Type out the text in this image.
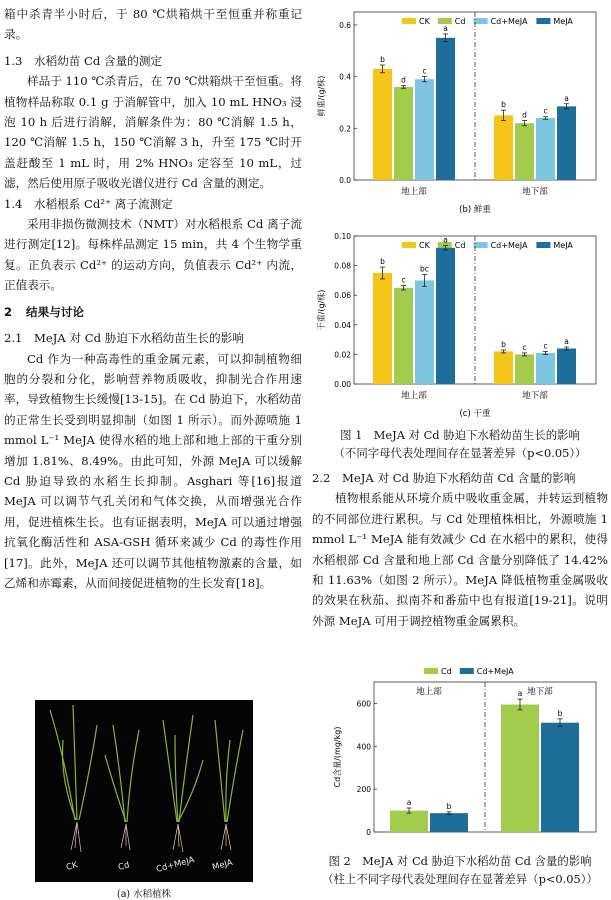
箱中杀青半小时后，于 80 ℃烘箱烘干至恒重并称重记录。

1.3 水稻幼苗 Cd 含量的测定

样品于 110 ℃杀青后，在 70 ℃烘箱烘干至恒重。将植物样品称取 0.1 g 于消解管中，加入 10 mL HNO₃ 浸泡 10 h 后进行消解，消解条件为：80 ℃消解 1.5 h，120 ℃消解 1.5 h，150 ℃消解 3 h，升至 175 ℃时开盖赶酸至 1 mL 时，用 2% HNO₃ 定容至 10 mL，过滤，然后使用原子吸收光谱仪进行 Cd 含量的测定。

1.4 水稻根系 Cd²⁺ 离子流测定

采用非损伤微测技术（NMT）对水稻根系 Cd 离子流进行测定[12]。每株样品测定 15 min，共 4 个生物学重复。正负表示 Cd²⁺ 的运动方向，负值表示 Cd²⁺ 内流，正值表示。

2 结果与讨论

2.1 MeJA 对 Cd 胁迫下水稻幼苗生长的影响

Cd 作为一种高毒性的重金属元素，可以抑制植物细胞的分裂和分化，影响营养物质吸收，抑制光合作用速率，导致植物生长缓慢[13-15]。在 Cd 胁迫下，水稻幼苗的正常生长受到明显抑制（如图 1 所示）。而外源喷施 1 mmol L⁻¹ MeJA 使得水稻的地上部和地上部的干重分别增加 1.81%、8.49%。由此可知，外源 MeJA 可以缓解 Cd 胁迫导致的水稻生长抑制。Asghari 等[16]报道 MeJA 可以调节气孔关闭和气体交换，从而增强光合作用，促进植株生长。也有证据表明，MeJA 可以通过增强抗氧化酶活性和 ASA-GSH 循环来减少 Cd 的毒性作用[17]。此外，MeJA 还可以调节其他植物激素的含量，如乙烯和赤霉素，从而间接促进植物的生长发育[18]。

CK	Cd	Cd+MeJA MeJA
(a) 水稻植株
CK	Cd	Cd+MeJA	MeJA
0.0
0.2
0.4
0.6
b
b
d
d
c
c
a
a
鲜重/(g/株)
地上部	地下部
(b) 鲜重
CK	Cd	Cd+MeJA	MeJA
0.00
0.02
0.04
0.06
0.08
0.10
b
b
c
c
bc
c
a
a
干重/(g/株)
地上部	地下部
(c) 干重

图 1　MeJA 对 Cd 胁迫下水稻幼苗生长的影响

（不同字母代表处理间存在显著差异（p<0.05））

2.2 MeJA 对 Cd 胁迫下水稻幼苗 Cd 含量的影响

植物根系能从环境介质中吸收重金属，并转运到植物的不同部位进行累积。与 Cd 处理植株相比，外源喷施 1 mmol L⁻¹ MeJA 能有效减少 Cd 在水稻中的累积，使得水稻根部 Cd 含量和地上部 Cd 含量分别降低了 14.42% 和 11.63%（如图 2 所示）。MeJA 降低植物重金属吸收的效果在秋茄、拟南芥和番茄中也有报道[19-21]。说明外源 MeJA 可用于调控植物重金属累积。

Cd	Cd+MeJA
地上部	地下部
0
200
400
600
a
a
b
b
Cd含量/(mg/kg)

图 2　MeJA 对 Cd 胁迫下水稻幼苗 Cd 含量的影响

（柱上不同字母代表处理间存在显著差异（p<0.05））
